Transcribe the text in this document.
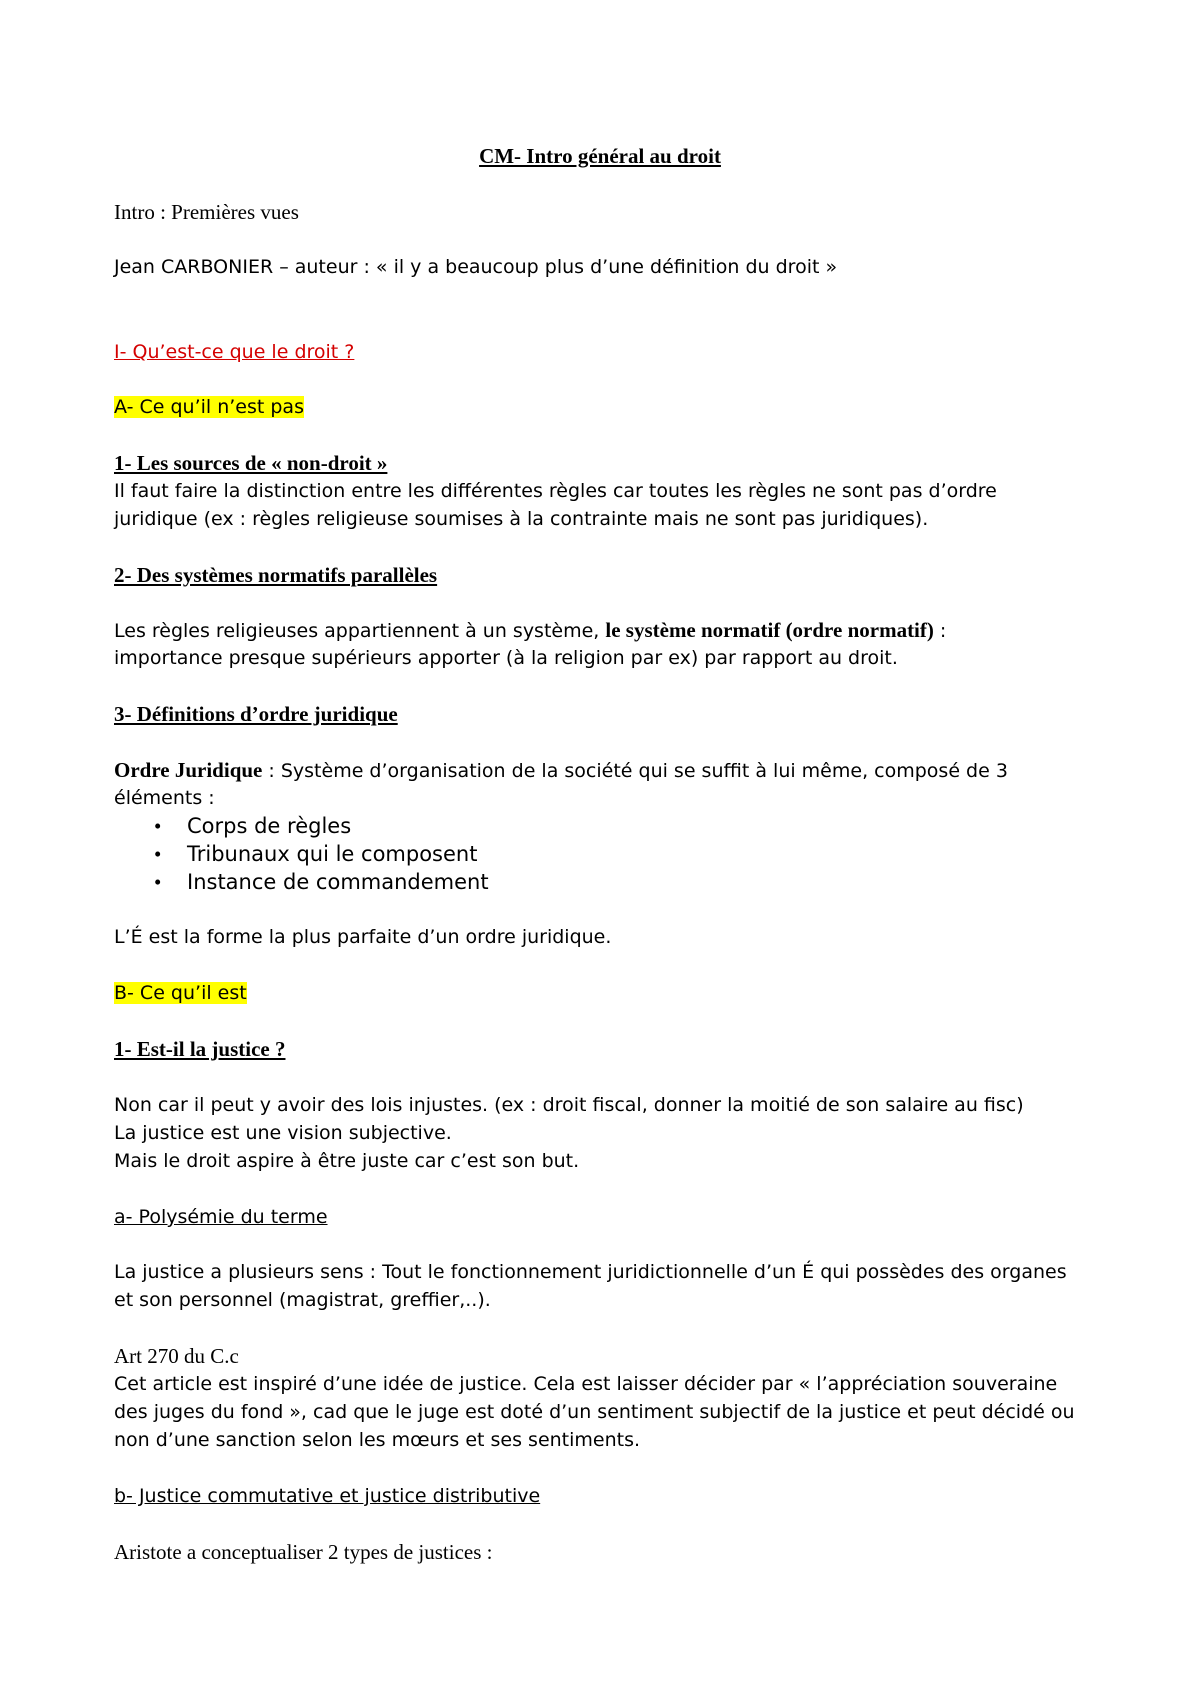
CM- Intro général au droit
Intro : Premières vues
Jean CARBONIER – auteur : « il y a beaucoup plus d’une définition du droit »
I- Qu’est-ce que le droit ?
A- Ce qu’il n’est pas
1- Les sources de « non-droit »
Il faut faire la distinction entre les différentes règles car toutes les règles ne sont pas d’ordre
juridique (ex : règles religieuse soumises à la contrainte mais ne sont pas juridiques).
2- Des systèmes normatifs parallèles
Les règles religieuses appartiennent à un système, le système normatif (ordre normatif) :
importance presque supérieurs apporter (à la religion par ex) par rapport au droit.
3- Définitions d’ordre juridique
Ordre Juridique : Système d’organisation de la société qui se suffit à lui même, composé de 3
éléments :
• Corps de règles
• Tribunaux qui le composent
• Instance de commandement
L’É est la forme la plus parfaite d’un ordre juridique.
B- Ce qu’il est
1- Est-il la justice ?
Non car il peut y avoir des lois injustes. (ex : droit fiscal, donner la moitié de son salaire au fisc)
La justice est une vision subjective.
Mais le droit aspire à être juste car c’est son but.
a- Polysémie du terme
La justice a plusieurs sens : Tout le fonctionnement juridictionnelle d’un É qui possèdes des organes
et son personnel (magistrat, greffier,..).
Art 270 du C.c
Cet article est inspiré d’une idée de justice. Cela est laisser décider par « l’appréciation souveraine
des juges du fond », cad que le juge est doté d’un sentiment subjectif de la justice et peut décidé ou
non d’une sanction selon les mœurs et ses sentiments.
b- Justice commutative et justice distributive
Aristote a conceptualiser 2 types de justices :
